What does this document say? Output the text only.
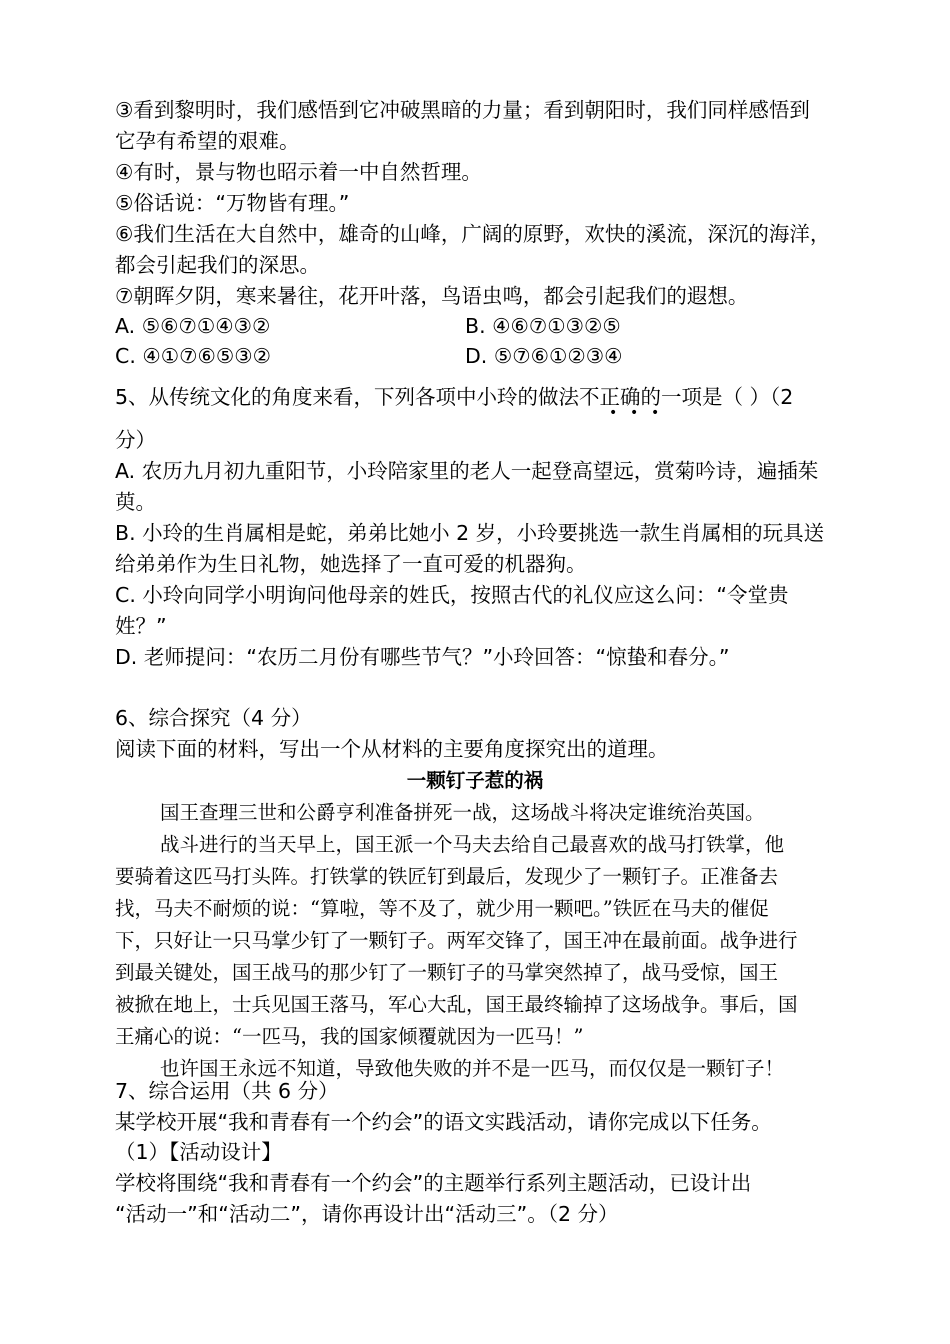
③看到黎明时，我们感悟到它冲破黑暗的力量；看到朝阳时，我们同样感悟到
它孕有希望的艰难。
④有时，景与物也昭示着一中自然哲理。
⑤俗话说：“万物皆有理。”
⑥我们生活在大自然中，雄奇的山峰，广阔的原野，欢快的溪流，深沉的海洋，
都会引起我们的深思。
⑦朝晖夕阴，寒来暑往，花开叶落，鸟语虫鸣，都会引起我们的遐想。
A. ⑤⑥⑦①④③②	B. ④⑥⑦①③②⑤
C. ④①⑦⑥⑤③②	D. ⑤⑦⑥①②③④
5、从传统文化的角度来看，下列各项中小玲的做法不正确的一项是（ ）（2
• • •
分）
A. 农历九月初九重阳节，小玲陪家里的老人一起登高望远，赏菊吟诗，遍插茱
萸。
B. 小玲的生肖属相是蛇，弟弟比她小 2 岁，小玲要挑选一款生肖属相的玩具送
给弟弟作为生日礼物，她选择了一直可爱的机器狗。
C. 小玲向同学小明询问他母亲的姓氏，按照古代的礼仪应这么问：“令堂贵
姓？”
D. 老师提问：“农历二月份有哪些节气？”小玲回答：“惊蛰和春分。”
6、综合探究（4 分）
阅读下面的材料，写出一个从材料的主要角度探究出的道理。
一颗钉子惹的祸
国王查理三世和公爵亨利准备拼死一战，这场战斗将决定谁统治英国。
战斗进行的当天早上，国王派一个马夫去给自己最喜欢的战马打铁掌，他
要骑着这匹马打头阵。打铁掌的铁匠钉到最后，发现少了一颗钉子。正准备去
找，马夫不耐烦的说：“算啦，等不及了，就少用一颗吧。”铁匠在马夫的催促
下，只好让一只马掌少钉了一颗钉子。两军交锋了，国王冲在最前面。战争进行
到最关键处，国王战马的那少钉了一颗钉子的马掌突然掉了，战马受惊，国王
被掀在地上，士兵见国王落马，军心大乱，国王最终输掉了这场战争。事后，国
王痛心的说：“一匹马，我的国家倾覆就因为一匹马！”
也许国王永远不知道，导致他失败的并不是一匹马，而仅仅是一颗钉子！
7、综合运用（共 6 分）
某学校开展“我和青春有一个约会”的语文实践活动，请你完成以下任务。
（1）【活动设计】
学校将围绕“我和青春有一个约会”的主题举行系列主题活动，已设计出
“活动一”和“活动二”，请你再设计出“活动三”。（2 分）
